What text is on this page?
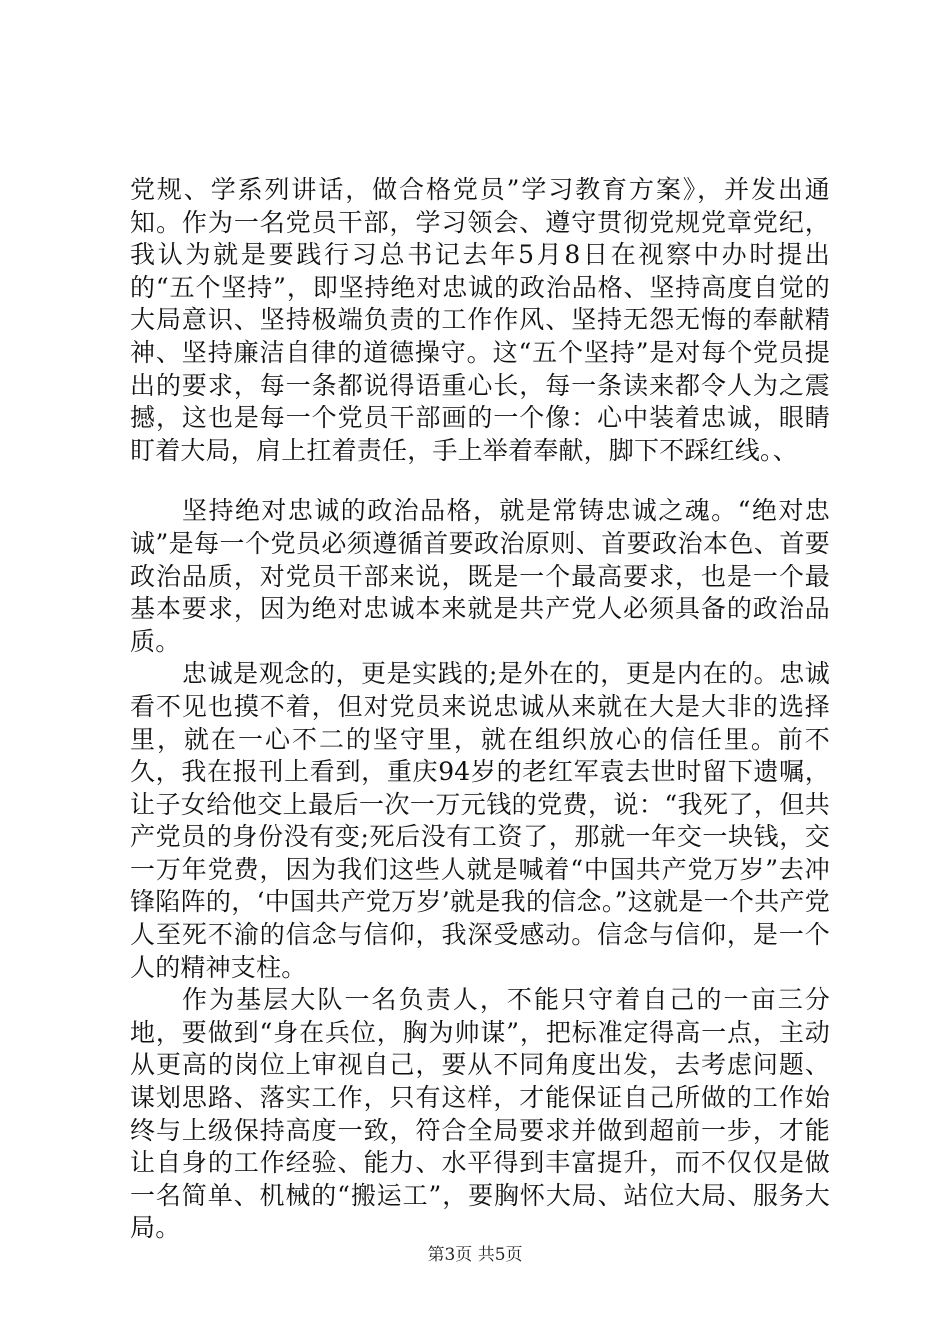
党规、学系列讲话，做合格党员”学习教育方案》，并发出通知。作为一名党员干部，学习领会、遵守贯彻党规党章党纪，我认为就是要践行习总书记去年5月8日在视察中办时提出的“五个坚持”，即坚持绝对忠诚的政治品格、坚持高度自觉的大局意识、坚持极端负责的工作作风、坚持无怨无悔的奉献精神、坚持廉洁自律的道德操守。这“五个坚持”是对每个党员提出的要求，每一条都说得语重心长，每一条读来都令人为之震撼，这也是每一个党员干部画的一个像：心中装着忠诚，眼睛盯着大局，肩上扛着责任，手上举着奉献，脚下不踩红线。、

坚持绝对忠诚的政治品格，就是常铸忠诚之魂。“绝对忠诚”是每一个党员必须遵循首要政治原则、首要政治本色、首要政治品质，对党员干部来说，既是一个最高要求，也是一个最基本要求，因为绝对忠诚本来就是共产党人必须具备的政治品质。

忠诚是观念的，更是实践的;是外在的，更是内在的。忠诚看不见也摸不着，但对党员来说忠诚从来就在大是大非的选择里，就在一心不二的坚守里，就在组织放心的信任里。前不久，我在报刊上看到，重庆94岁的老红军袁去世时留下遗嘱，让子女给他交上最后一次一万元钱的党费，说：“我死了，但共产党员的身份没有变;死后没有工资了，那就一年交一块钱，交一万年党费，因为我们这些人就是喊着“中国共产党万岁”去冲锋陷阵的，‘中国共产党万岁’就是我的信念。”这就是一个共产党人至死不渝的信念与信仰，我深受感动。信念与信仰，是一个人的精神支柱。

作为基层大队一名负责人，不能只守着自己的一亩三分地，要做到“身在兵位，胸为帅谋”，把标准定得高一点，主动从更高的岗位上审视自己，要从不同角度出发，去考虑问题、谋划思路、落实工作，只有这样，才能保证自己所做的工作始终与上级保持高度一致，符合全局要求并做到超前一步，才能让自身的工作经验、能力、水平得到丰富提升，而不仅仅是做一名简单、机械的“搬运工”，要胸怀大局、站位大局、服务大局。

第3页 共5页
